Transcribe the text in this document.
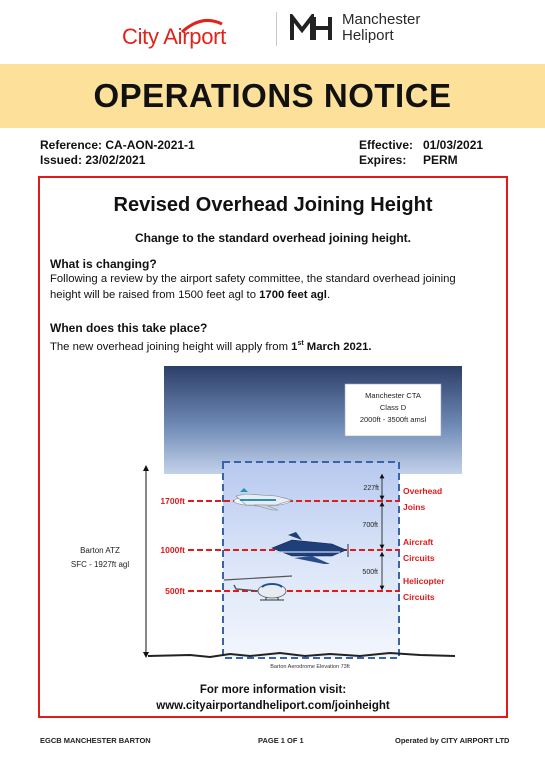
City Airport
Manchester
Heliport
OPERATIONS NOTICE
Reference: CA-AON-2021-1
Issued: 23/02/2021
Effective: 01/03/2021
Expires: PERM
Revised Overhead Joining Height
Change to the standard overhead joining height.
What is changing?
Following a review by the airport safety committee, the standard overhead joining
height will be raised from 1500 feet agl to 1700 feet agl.
When does this take place?
The new overhead joining height will apply from 1st March 2021.
Manchester CTA
Class D
2000ft - 3500ft amsl
Barton ATZ
SFC - 1927ft agl
1700ft
1000ft
500ft
227ft
700ft
500ft
Overhead
Joins
Aircraft
Circuits
Helicopter
Circuits
Barton Aerodrome Elevation 73ft
For more information visit:
www.cityairportandheliport.com/joinheight
EGCB MANCHESTER BARTON	PAGE 1 OF 1	Operated by CITY AIRPORT LTD
